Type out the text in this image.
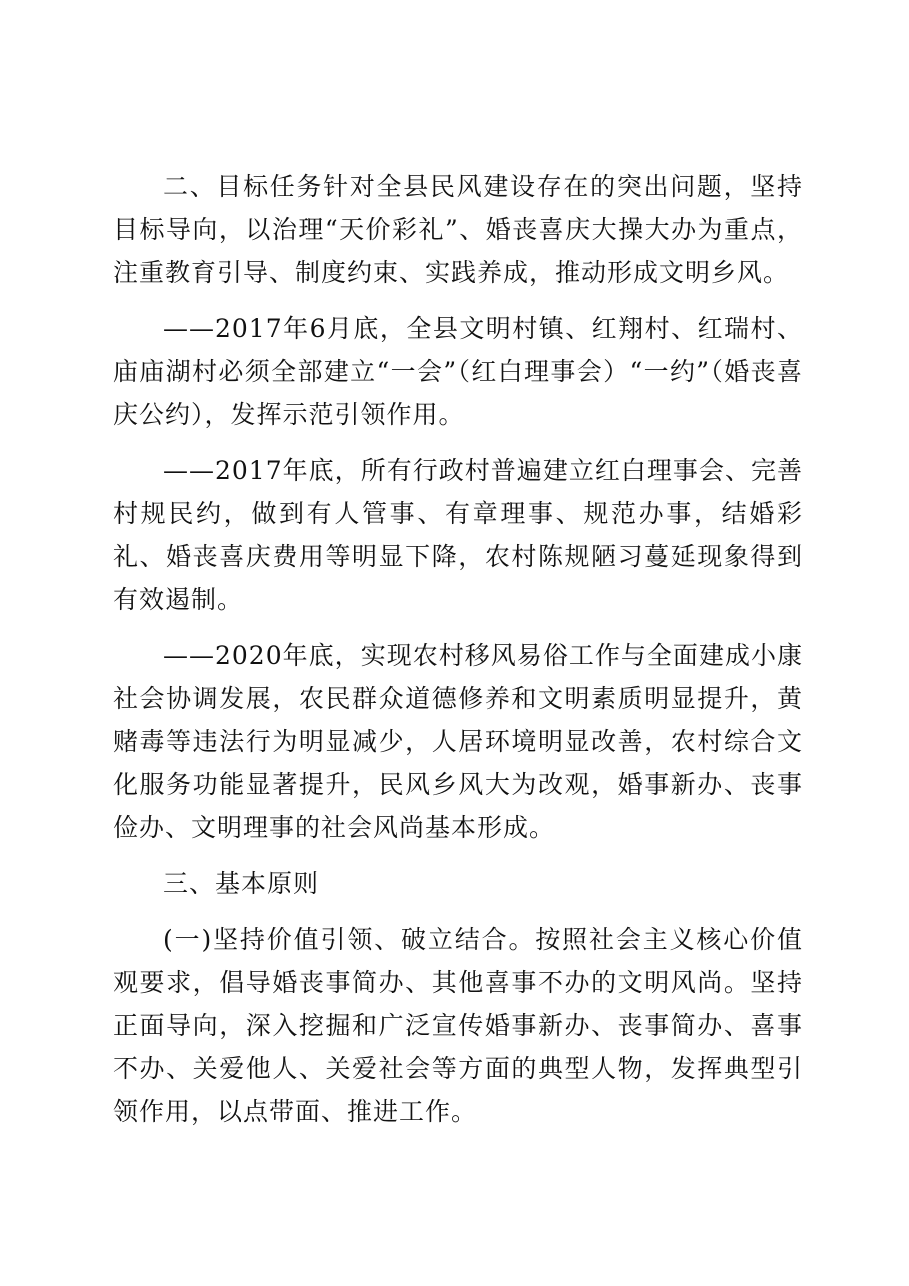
二、目标任务针对全县民风建设存在的突出问题，坚持目标导向，以治理“天价彩礼”、婚丧喜庆大操大办为重点，注重教育引导、制度约束、实践养成，推动形成文明乡风。

——2017年6月底，全县文明村镇、红翔村、红瑞村、庙庙湖村必须全部建立“一会”（红白理事会）“一约”（婚丧喜庆公约），发挥示范引领作用。

——2017年底，所有行政村普遍建立红白理事会、完善村规民约，做到有人管事、有章理事、规范办事，结婚彩礼、婚丧喜庆费用等明显下降，农村陈规陋习蔓延现象得到有效遏制。

——2020年底，实现农村移风易俗工作与全面建成小康社会协调发展，农民群众道德修养和文明素质明显提升，黄赌毒等违法行为明显减少，人居环境明显改善，农村综合文化服务功能显著提升，民风乡风大为改观，婚事新办、丧事俭办、文明理事的社会风尚基本形成。

三、基本原则

(一)坚持价值引领、破立结合。按照社会主义核心价值观要求，倡导婚丧事简办、其他喜事不办的文明风尚。坚持正面导向，深入挖掘和广泛宣传婚事新办、丧事简办、喜事不办、关爱他人、关爱社会等方面的典型人物，发挥典型引领作用，以点带面、推进工作。
